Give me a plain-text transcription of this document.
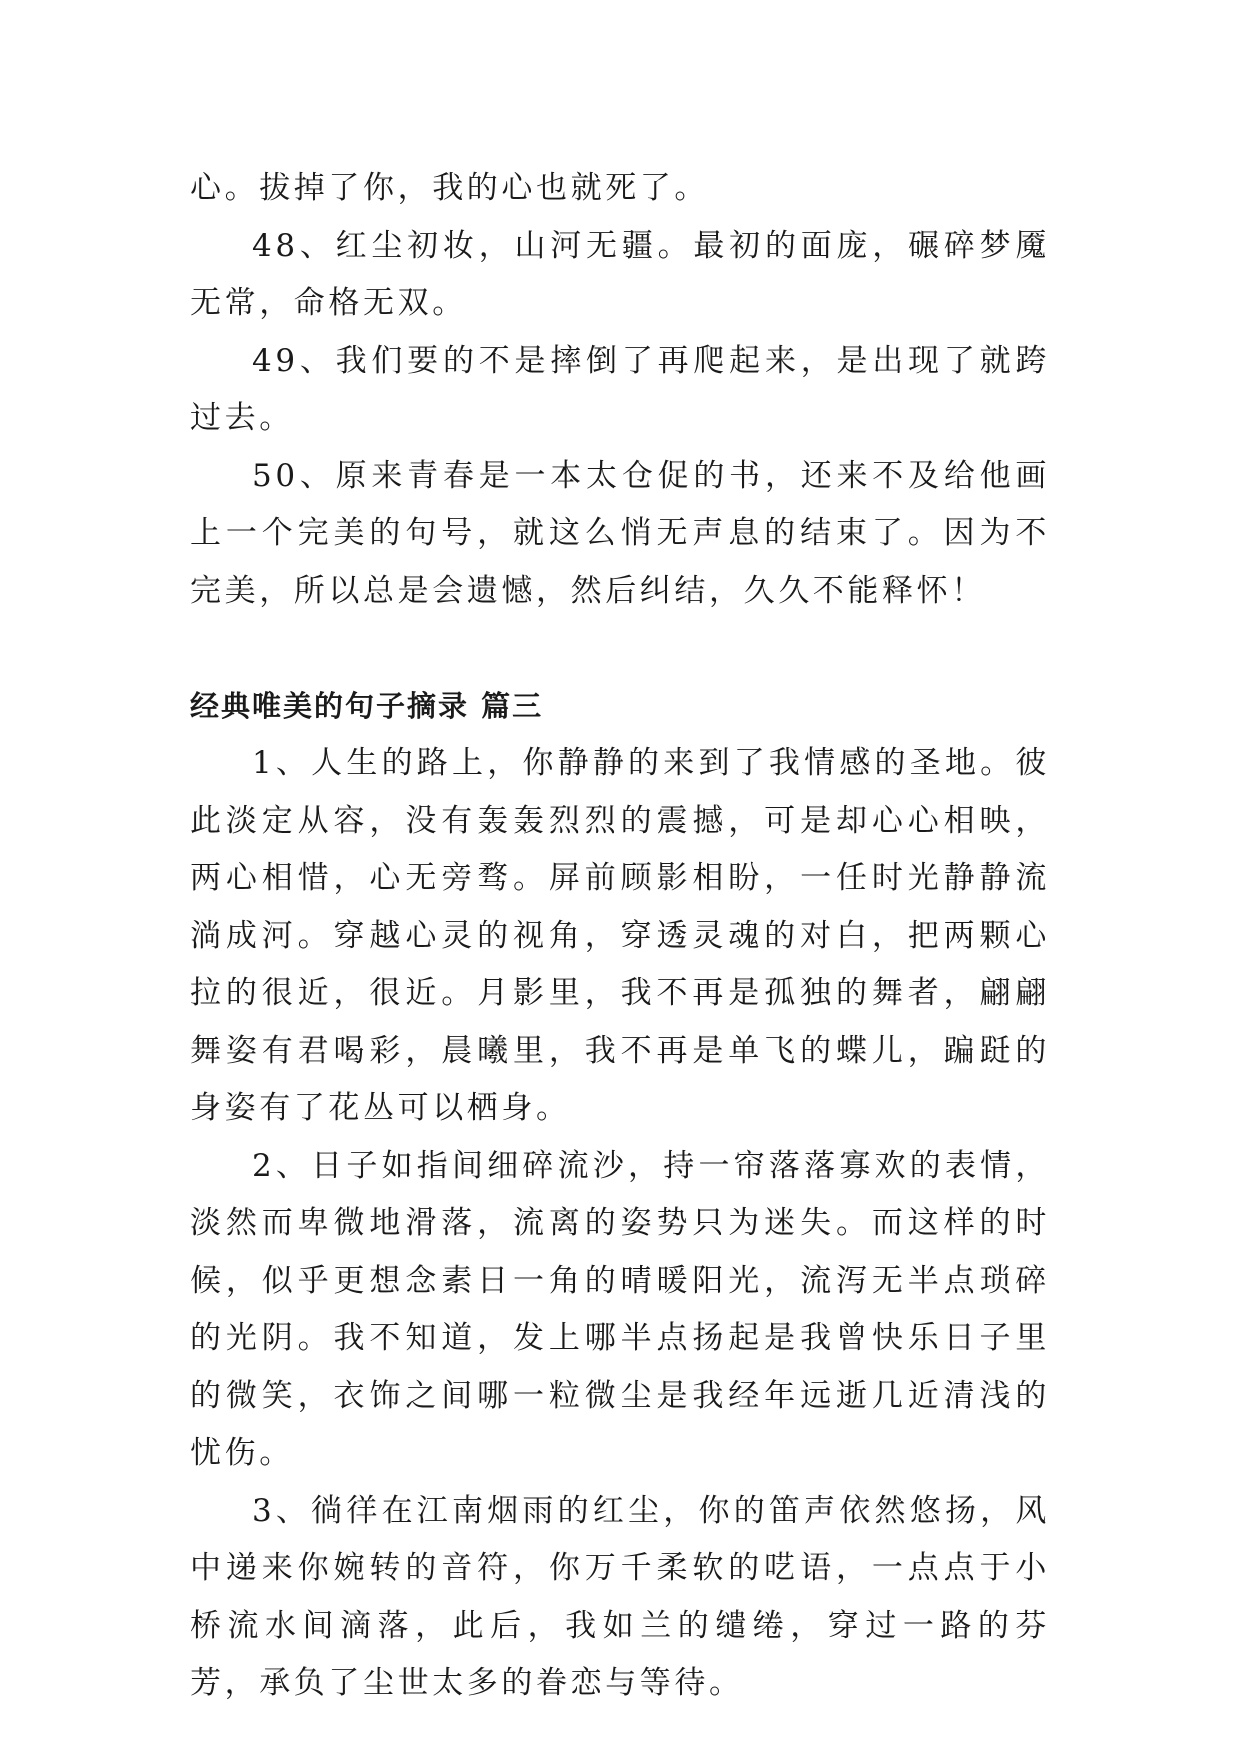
心。拔掉了你，我的心也就死了。

48、红尘初妆，山河无疆。最初的面庞，碾碎梦魇无常，命格无双。

49、我们要的不是摔倒了再爬起来，是出现了就跨过去。

50、原来青春是一本太仓促的书，还来不及给他画上一个完美的句号，就这么悄无声息的结束了。因为不完美，所以总是会遗憾，然后纠结，久久不能释怀！

经典唯美的句子摘录 篇三

1、人生的路上，你静静的来到了我情感的圣地。彼此淡定从容，没有轰轰烈烈的震撼，可是却心心相映，两心相惜，心无旁骛。屏前顾影相盼，一任时光静静流淌成河。穿越心灵的视角，穿透灵魂的对白，把两颗心拉的很近，很近。月影里，我不再是孤独的舞者，翩翩舞姿有君喝彩，晨曦里，我不再是单飞的蝶儿，蹁跹的身姿有了花丛可以栖身。

2、日子如指间细碎流沙，持一帘落落寡欢的表情，淡然而卑微地滑落，流离的姿势只为迷失。而这样的时候，似乎更想念素日一角的晴暖阳光，流泻无半点琐碎的光阴。我不知道，发上哪半点扬起是我曾快乐日子里的微笑，衣饰之间哪一粒微尘是我经年远逝几近清浅的忧伤。

3、徜徉在江南烟雨的红尘，你的笛声依然悠扬，风中递来你婉转的音符，你万千柔软的呓语，一点点于小桥流水间滴落，此后，我如兰的缱绻，穿过一路的芬芳，承负了尘世太多的眷恋与等待。
